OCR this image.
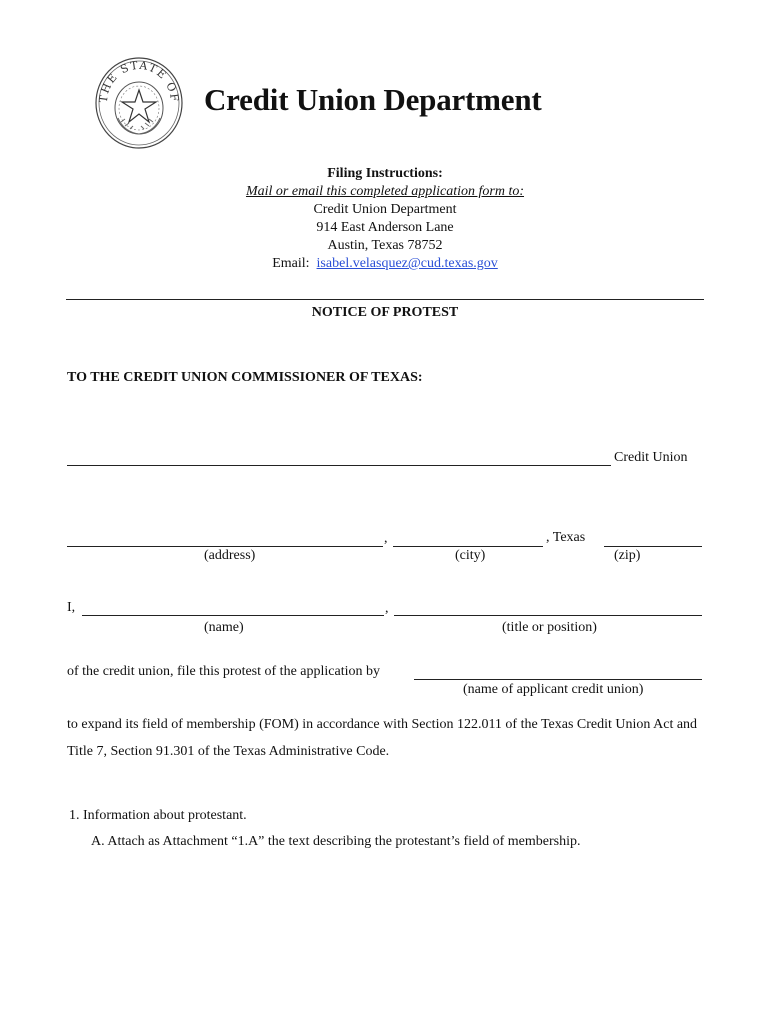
THE STATE OF Credit Union Department
Filing Instructions:
Mail or email this completed application form to:
Credit Union Department
914 East Anderson Lane
Austin, Texas 78752
Email: isabel.velasquez@cud.texas.gov
NOTICE OF PROTEST
TO THE CREDIT UNION COMMISSIONER OF TEXAS:
Credit Union
,	, Texas
(address)	(city)	(zip)
I,	,
(name)	(title or position)
of the credit union, file this protest of the application by
(name of applicant credit union)
to expand its field of membership (FOM) in accordance with Section 122.011 of the Texas Credit Union Act and Title 7, Section 91.301 of the Texas Administrative Code.
1. Information about protestant.
A. Attach as Attachment “1.A” the text describing the protestant’s field of membership.
